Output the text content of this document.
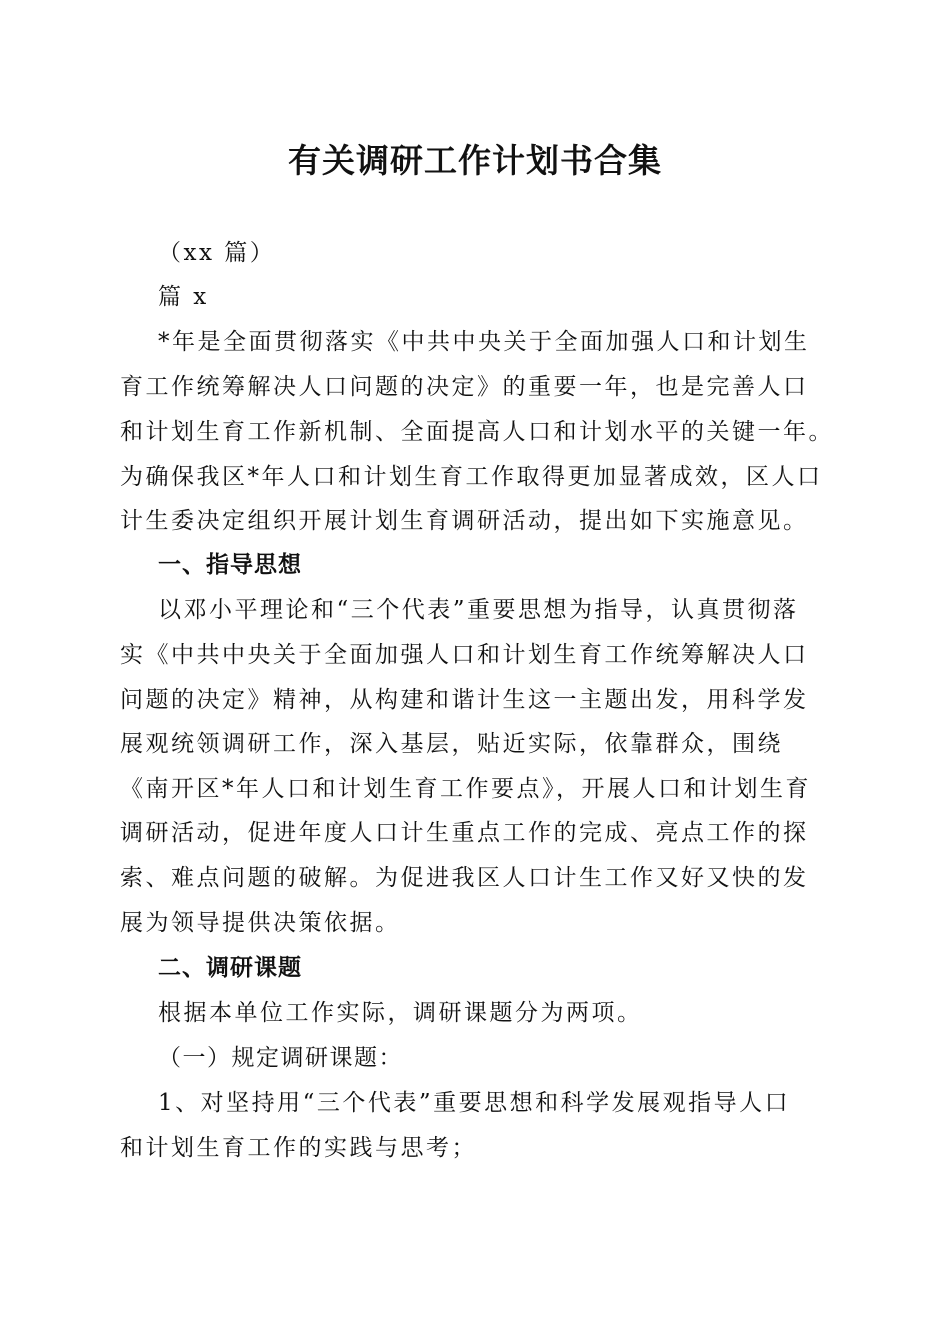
有关调研工作计划书合集
（xx 篇）
篇 x
*年是全面贯彻落实《中共中央关于全面加强人口和计划生
育工作统筹解决人口问题的决定》的重要一年，也是完善人口
和计划生育工作新机制、全面提高人口和计划水平的关键一年。
为确保我区*年人口和计划生育工作取得更加显著成效，区人口
计生委决定组织开展计划生育调研活动，提出如下实施意见。
一、指导思想
以邓小平理论和“三个代表”重要思想为指导，认真贯彻落
实《中共中央关于全面加强人口和计划生育工作统筹解决人口
问题的决定》精神，从构建和谐计生这一主题出发，用科学发
展观统领调研工作，深入基层，贴近实际，依靠群众，围绕
《南开区*年人口和计划生育工作要点》，开展人口和计划生育
调研活动，促进年度人口计生重点工作的完成、亮点工作的探
索、难点问题的破解。为促进我区人口计生工作又好又快的发
展为领导提供决策依据。
二、调研课题
根据本单位工作实际，调研课题分为两项。
（一）规定调研课题：
1、对坚持用“三个代表”重要思想和科学发展观指导人口
和计划生育工作的实践与思考；
